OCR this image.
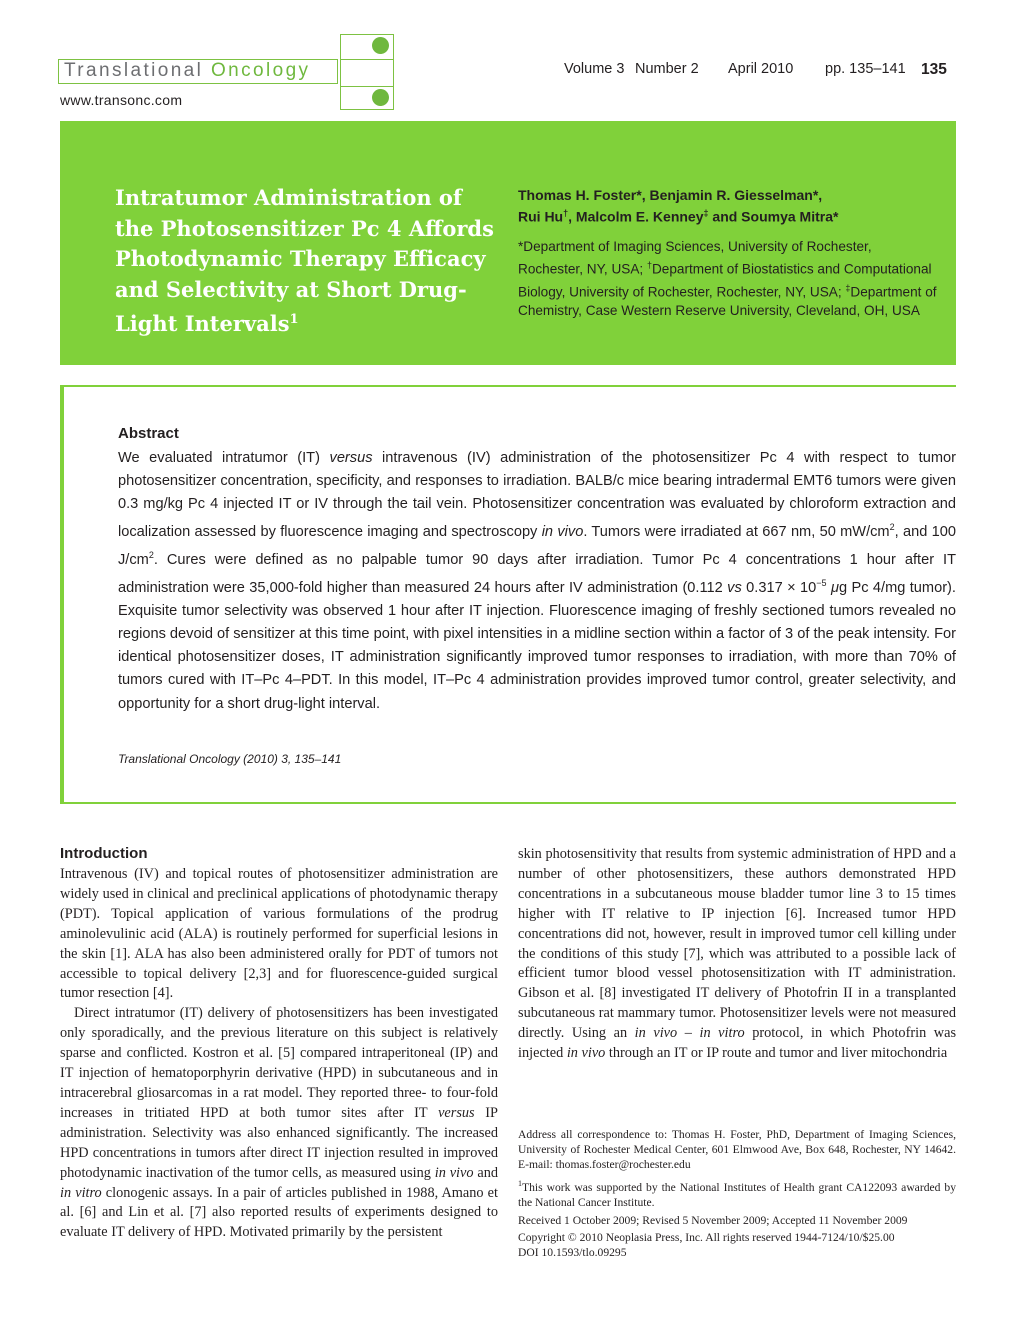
Translational Oncology
www.transonc.com
Volume 3 Number 2 April 2010 pp. 135–141 135
Intratumor Administration of the Photosensitizer Pc 4 Affords Photodynamic Therapy Efficacy and Selectivity at Short Drug-Light Intervals$^1$
Thomas H. Foster*, Benjamin R. Giesselman*,
Rui Hu†, Malcolm E. Kenney‡ and Soumya Mitra*
*Department of Imaging Sciences, University of Rochester, Rochester, NY, USA; †Department of Biostatistics and Computational Biology, University of Rochester, Rochester, NY, USA; ‡Department of Chemistry, Case Western Reserve University, Cleveland, OH, USA
Abstract
We evaluated intratumor (IT) versus intravenous (IV) administration of the photosensitizer Pc 4 with respect to tumor photosensitizer concentration, specificity, and responses to irradiation. BALB/c mice bearing intradermal EMT6 tumors were given 0.3 mg/kg Pc 4 injected IT or IV through the tail vein. Photosensitizer concentration was evaluated by chloroform extraction and localization assessed by fluorescence imaging and spectroscopy in vivo. Tumors were irradiated at 667 nm, 50 $mW/cm^2$, and 100 $J/cm^2$. Cures were defined as no palpable tumor 90 days after irradiation. Tumor Pc 4 concentrations 1 hour after IT administration were 35,000-fold higher than measured 24 hours after IV administration (0.112 vs $0.317 \times 10^{-5}$ μg Pc 4/mg tumor). Exquisite tumor selectivity was observed 1 hour after IT injection. Fluorescence imaging of freshly sectioned tumors revealed no regions devoid of sensitizer at this time point, with pixel intensities in a midline section within a factor of 3 of the peak intensity. For identical photosensitizer doses, IT administration significantly improved tumor responses to irradiation, with more than 70% of tumors cured with IT–Pc 4–PDT. In this model, IT–Pc 4 administration provides improved tumor control, greater selectivity, and opportunity for a short drug-light interval.
Translational Oncology (2010) 3, 135–141
Introduction

Intravenous (IV) and topical routes of photosensitizer administration are widely used in clinical and preclinical applications of photodynamic therapy (PDT). Topical application of various formulations of the prodrug aminolevulinic acid (ALA) is routinely performed for superficial lesions in the skin [1]. ALA has also been administered orally for PDT of tumors not accessible to topical delivery [2,3] and for fluorescence-guided surgical tumor resection [4].

Direct intratumor (IT) delivery of photosensitizers has been investigated only sporadically, and the previous literature on this subject is relatively sparse and conflicted. Kostron et al. [5] compared intraperitoneal (IP) and IT injection of hematoporphyrin derivative (HPD) in subcutaneous and in intracerebral gliosarcomas in a rat model. They reported three- to four-fold increases in tritiated HPD at both tumor sites after IT versus IP administration. Selectivity was also enhanced significantly. The increased HPD concentrations in tumors after direct IT injection resulted in improved photodynamic inactivation of the tumor cells, as measured using in vivo and in vitro clonogenic assays. In a pair of articles published in 1988, Amano et al. [6] and Lin et al. [7] also reported results of experiments designed to evaluate IT delivery of HPD. Motivated primarily by the persistent

skin photosensitivity that results from systemic administration of HPD and a number of other photosensitizers, these authors demonstrated HPD concentrations in a subcutaneous mouse bladder tumor line 3 to 15 times higher with IT relative to IP injection [6]. Increased tumor HPD concentrations did not, however, result in improved tumor cell killing under the conditions of this study [7], which was attributed to a possible lack of efficient tumor blood vessel photosensitization with IT administration. Gibson et al. [8] investigated IT delivery of Photofrin II in a transplanted subcutaneous rat mammary tumor. Photosensitizer levels were not measured directly. Using an in vivo – in vitro protocol, in which Photofrin was injected in vivo through an IT or IP route and tumor and liver mitochondria

Address all correspondence to: Thomas H. Foster, PhD, Department of Imaging Sciences, University of Rochester Medical Center, 601 Elmwood Ave, Box 648, Rochester, NY 14642. E-mail: thomas.foster@rochester.edu

$^1$This work was supported by the National Institutes of Health grant CA122093 awarded by the National Cancer Institute.

Received 1 October 2009; Revised 5 November 2009; Accepted 11 November 2009

Copyright © 2010 Neoplasia Press, Inc. All rights reserved 1944-7124/10/$25.00
DOI 10.1593/tlo.09295
